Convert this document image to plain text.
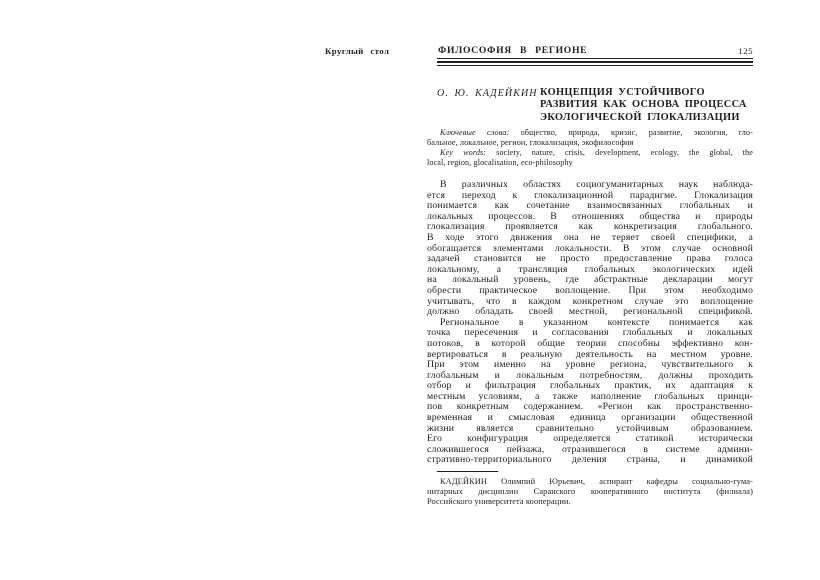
Круглый стол	ФИЛОСОФИЯ В РЕГИОНЕ	125
О. Ю. КАДЕЙКИН КОНЦЕПЦИЯ УСТОЙЧИВОГО
РАЗВИТИЯ КАК ОСНОВА ПРОЦЕССА
ЭКОЛОГИЧЕСКОЙ ГЛОКАЛИЗАЦИИ
Ключевые слова: общество, природа, кризис, развитие, экология, гло-
бальное, локальное, регион, глокализация, экофилософия
Key words: society, nature, crisis, development, ecology, the global, the
local, region, glocalisation, eco-philosophy
В различных областях социогуманитарных наук наблюда-
ется переход к глокализационной парадигме. Глокализация
понимается как сочетание взаимосвязанных глобальных и
локальных процессов. В отношениях общества и природы
глокализация проявляется как конкретизация глобального.
В ходе этого движения она не теряет своей специфики, а
обогащается элементами локальности. В этом случае основной
задачей становится не просто предоставление права голоса
локальному, а трансляция глобальных экологических идей
на локальный уровень, где абстрактные декларации могут
обрести практическое воплощение. При этом необходимо
учитывать, что в каждом конкретном случае это воплощение
должно обладать своей местной, региональной спецификой.
Региональное в указанном контексте понимается как
точка пересечения и согласования глобальных и локальных
потоков, в которой общие теории способны эффективно кон-
вертироваться в реальную деятельность на местном уровне.
При этом именно на уровне региона, чувствительного к
глобальным и локальным потребностям, должны проходить
отбор и фильтрация глобальных практик, их адаптация к
местным условиям, а также наполнение глобальных принци-
пов конкретным содержанием. «Регион как пространственно-
временная и смысловая единица организации общественной
жизни является сравнительно устойчивым образованием.
Его конфигурация определяется статикой исторически
сложившегося пейзажа, отразившегося в системе админи-
стративно-территориального деления страны, и динамикой
КАДЕЙКИН Олимпий Юрьевич, аспирант кафедры социально-гума-
нитарных дисциплин Саранского кооперативного института (филиала)
Российского университета кооперации.
